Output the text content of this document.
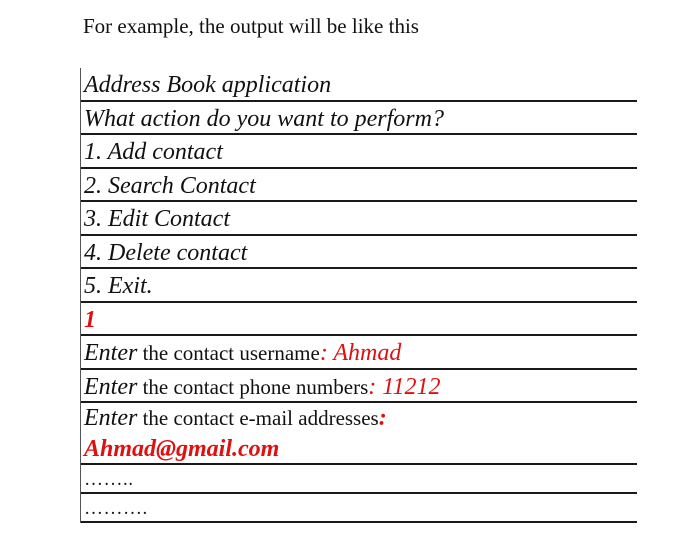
For example, the output will be like this
Address Book application
What action do you want to perform?
1. Add contact
2. Search Contact
3. Edit Contact
4. Delete contact
5. Exit.
1
Enter the contact username: Ahmad
Enter the contact phone numbers: 11212
Enter the contact e-mail addresses:
Ahmad@gmail.com
……..
……….
